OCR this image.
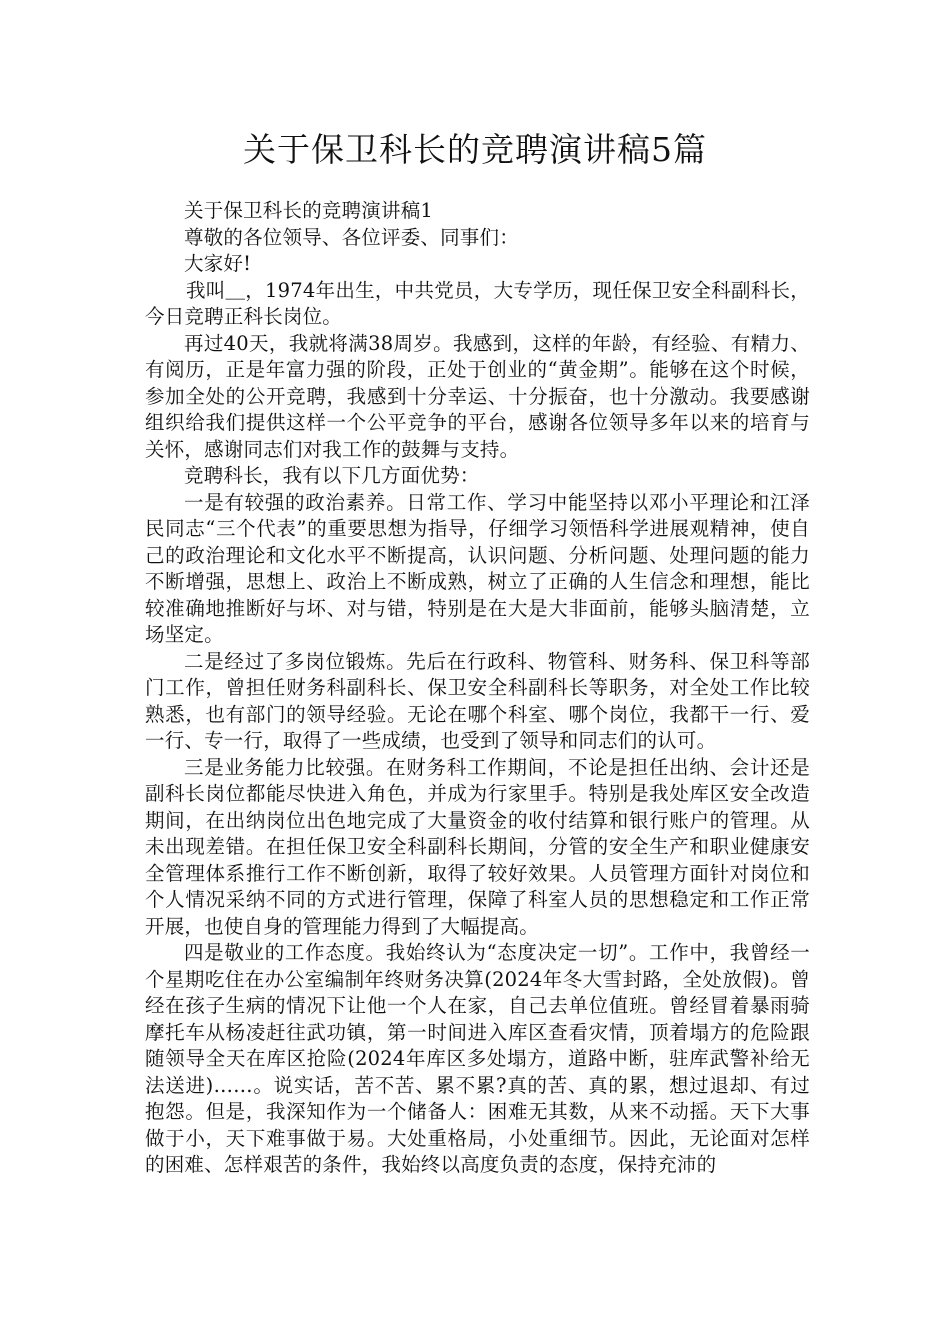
关于保卫科长的竞聘演讲稿5篇

关于保卫科长的竞聘演讲稿1

尊敬的各位领导、各位评委、同事们：

大家好!

我叫＿，1974年出生，中共党员，大专学历，现任保卫安全科副科长，今日竞聘正科长岗位。

再过40天，我就将满38周岁。我感到，这样的年龄，有经验、有精力、有阅历，正是年富力强的阶段，正处于创业的“黄金期”。能够在这个时候，参加全处的公开竞聘，我感到十分幸运、十分振奋，也十分激动。我要感谢组织给我们提供这样一个公平竞争的平台，感谢各位领导多年以来的培育与关怀，感谢同志们对我工作的鼓舞与支持。

竞聘科长，我有以下几方面优势：

一是有较强的政治素养。日常工作、学习中能坚持以邓小平理论和江泽民同志“三个代表”的重要思想为指导，仔细学习领悟科学进展观精神，使自己的政治理论和文化水平不断提高，认识问题、分析问题、处理问题的能力不断增强，思想上、政治上不断成熟，树立了正确的人生信念和理想，能比较准确地推断好与坏、对与错，特别是在大是大非面前，能够头脑清楚，立场坚定。

二是经过了多岗位锻炼。先后在行政科、物管科、财务科、保卫科等部门工作，曾担任财务科副科长、保卫安全科副科长等职务，对全处工作比较熟悉，也有部门的领导经验。无论在哪个科室、哪个岗位，我都干一行、爱一行、专一行，取得了一些成绩，也受到了领导和同志们的认可。

三是业务能力比较强。在财务科工作期间，不论是担任出纳、会计还是副科长岗位都能尽快进入角色，并成为行家里手。特别是我处库区安全改造期间，在出纳岗位出色地完成了大量资金的收付结算和银行账户的管理。从未出现差错。在担任保卫安全科副科长期间，分管的安全生产和职业健康安全管理体系推行工作不断创新，取得了较好效果。人员管理方面针对岗位和个人情况采纳不同的方式进行管理，保障了科室人员的思想稳定和工作正常开展，也使自身的管理能力得到了大幅提高。

四是敬业的工作态度。我始终认为“态度决定一切”。工作中，我曾经一个星期吃住在办公室编制年终财务决算(2024年冬大雪封路，全处放假)。曾经在孩子生病的情况下让他一个人在家，自己去单位值班。曾经冒着暴雨骑摩托车从杨凌赶往武功镇，第一时间进入库区查看灾情，顶着塌方的危险跟随领导全天在库区抢险(2024年库区多处塌方，道路中断，驻库武警补给无法送进)……。说实话，苦不苦、累不累?真的苦、真的累，想过退却、有过抱怨。但是，我深知作为一个储备人：困难无其数，从来不动摇。天下大事做于小，天下难事做于易。大处重格局，小处重细节。因此，无论面对怎样的困难、怎样艰苦的条件，我始终以高度负责的态度，保持充沛的
